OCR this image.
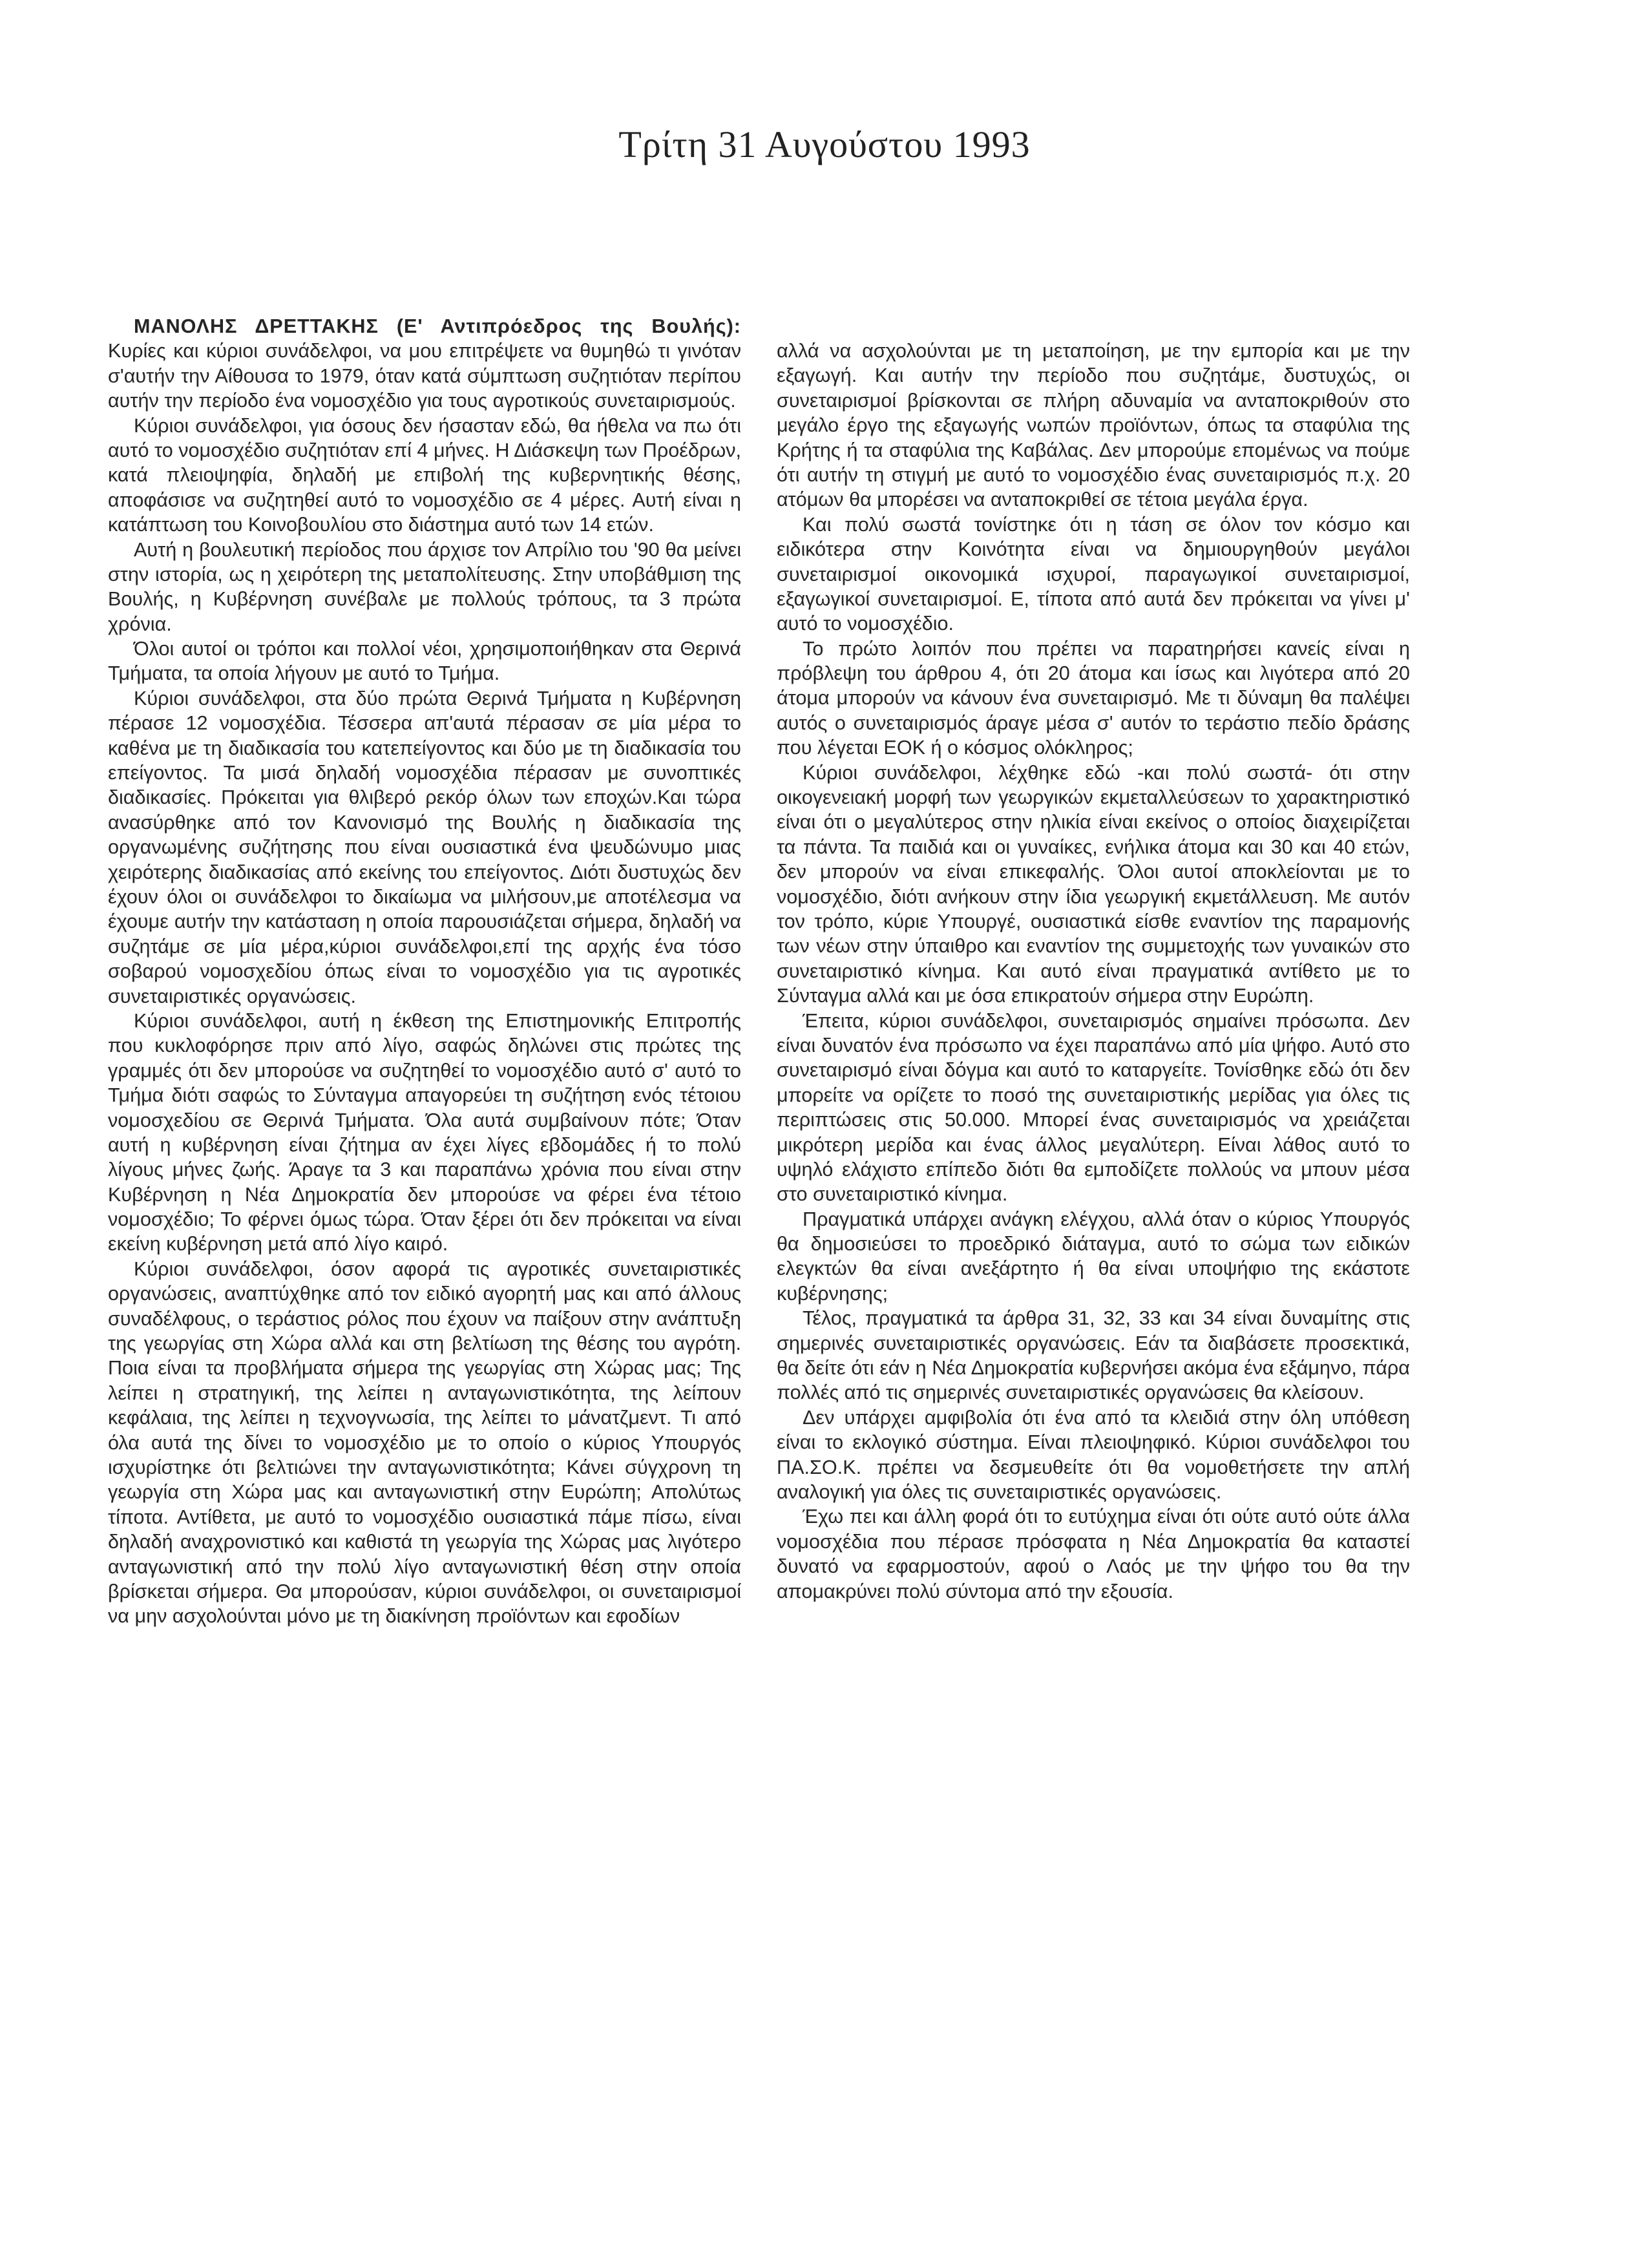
Τρίτη 31 Αυγούστου 1993

ΜΑΝΟΛΗΣ ΔΡΕΤΤΑΚΗΣ (Ε' Αντιπρόεδρος της Βουλής): Κυρίες και κύριοι συνάδελφοι, να μου επιτρέψετε να θυμηθώ τι γινόταν σ'αυτήν την Αίθουσα το 1979, όταν κατά σύμπτωση συζητιόταν περίπου αυτήν την περίοδο ένα νομοσχέδιο για τους αγροτικούς συνεταιρισμούς.

Κύριοι συνάδελφοι, για όσους δεν ήσασταν εδώ, θα ήθελα να πω ότι αυτό το νομοσχέδιο συζητιόταν επί 4 μήνες. Η Διάσκεψη των Προέδρων, κατά πλειοψηφία, δηλαδή με επιβολή της κυβερνητικής θέσης, αποφάσισε να συζητηθεί αυτό το νομοσχέδιο σε 4 μέρες. Αυτή είναι η κατάπτωση του Κοινοβουλίου στο διάστημα αυτό των 14 ετών.

Αυτή η βουλευτική περίοδος που άρχισε τον Απρίλιο του '90 θα μείνει στην ιστορία, ως η χειρότερη της μεταπολίτευσης. Στην υποβάθμιση της Βουλής, η Κυβέρνηση συνέβαλε με πολλούς τρόπους, τα 3 πρώτα χρόνια.

Όλοι αυτοί οι τρόποι και πολλοί νέοι, χρησιμοποιήθηκαν στα Θερινά Τμήματα, τα οποία λήγουν με αυτό το Τμήμα.

Κύριοι συνάδελφοι, στα δύο πρώτα Θερινά Τμήματα η Κυβέρνηση πέρασε 12 νομοσχέδια. Τέσσερα απ'αυτά πέρασαν σε μία μέρα το καθένα με τη διαδικασία του κατεπείγοντος και δύο με τη διαδικασία του επείγοντος. Τα μισά δηλαδή νομοσχέδια πέρασαν με συνοπτικές διαδικασίες. Πρόκειται για θλιβερό ρεκόρ όλων των εποχών.Και τώρα ανασύρθηκε από τον Κανονισμό της Βουλής η διαδικασία της οργανωμένης συζήτησης που είναι ουσιαστικά ένα ψευδώνυμο μιας χειρότερης διαδικασίας από εκείνης του επείγοντος. Διότι δυστυχώς δεν έχουν όλοι οι συνάδελφοι το δικαίωμα να μιλήσουν,με αποτέλεσμα να έχουμε αυτήν την κατάσταση η οποία παρουσιάζεται σήμερα, δηλαδή να συζητάμε σε μία μέρα,κύριοι συνάδελφοι,επί της αρχής ένα τόσο σοβαρού νομοσχεδίου όπως είναι το νομοσχέδιο για τις αγροτικές συνεταιριστικές οργανώσεις.

Κύριοι συνάδελφοι, αυτή η έκθεση της Επιστημονικής Επιτροπής που κυκλοφόρησε πριν από λίγο, σαφώς δηλώνει στις πρώτες της γραμμές ότι δεν μπορούσε να συζητηθεί το νομοσχέδιο αυτό σ' αυτό το Τμήμα διότι σαφώς το Σύνταγμα απαγορεύει τη συζήτηση ενός τέτοιου νομοσχεδίου σε Θερινά Τμήματα. Όλα αυτά συμβαίνουν πότε; Όταν αυτή η κυβέρνηση είναι ζήτημα αν έχει λίγες εβδομάδες ή το πολύ λίγους μήνες ζωής. Άραγε τα 3 και παραπάνω χρόνια που είναι στην Κυβέρνηση η Νέα Δημοκρατία δεν μπορούσε να φέρει ένα τέτοιο νομοσχέδιο; Το φέρνει όμως τώρα. Όταν ξέρει ότι δεν πρόκειται να είναι εκείνη κυβέρνηση μετά από λίγο καιρό.

Κύριοι συνάδελφοι, όσον αφορά τις αγροτικές συνεταιριστικές οργανώσεις, αναπτύχθηκε από τον ειδικό αγορητή μας και από άλλους συναδέλφους, ο τεράστιος ρόλος που έχουν να παίξουν στην ανάπτυξη της γεωργίας στη Χώρα αλλά και στη βελτίωση της θέσης του αγρότη. Ποια είναι τα προβλήματα σήμερα της γεωργίας στη Χώρας μας; Της λείπει η στρατηγική, της λείπει η ανταγωνιστικότητα, της λείπουν κεφάλαια, της λείπει η τεχνογνωσία, της λείπει το μάνατζμεντ. Τι από όλα αυτά της δίνει το νομοσχέδιο με το οποίο ο κύριος Υπουργός ισχυρίστηκε ότι βελτιώνει την ανταγωνιστικότητα; Κάνει σύγχρονη τη γεωργία στη Χώρα μας και ανταγωνιστική στην Ευρώπη; Απολύτως τίποτα. Αντίθετα, με αυτό το νομοσχέδιο ουσιαστικά πάμε πίσω, είναι δηλαδή αναχρονιστικό και καθιστά τη γεωργία της Χώρας μας λιγότερο ανταγωνιστική από την πολύ λίγο ανταγωνιστική θέση στην οποία βρίσκεται σήμερα. Θα μπορούσαν, κύριοι συνάδελφοι, οι συνεταιρισμοί να μην ασχολούνται μόνο με τη διακίνηση προϊόντων και εφοδίων

αλλά να ασχολούνται με τη μεταποίηση, με την εμπορία και με την εξαγωγή. Και αυτήν την περίοδο που συζητάμε, δυστυχώς, οι συνεταιρισμοί βρίσκονται σε πλήρη αδυναμία να ανταποκριθούν στο μεγάλο έργο της εξαγωγής νωπών προϊόντων, όπως τα σταφύλια της Κρήτης ή τα σταφύλια της Καβάλας. Δεν μπορούμε επομένως να πούμε ότι αυτήν τη στιγμή με αυτό το νομοσχέδιο ένας συνεταιρισμός π.χ. 20 ατόμων θα μπορέσει να ανταποκριθεί σε τέτοια μεγάλα έργα.

Και πολύ σωστά τονίστηκε ότι η τάση σε όλον τον κόσμο και ειδικότερα στην Κοινότητα είναι να δημιουργηθούν μεγάλοι συνεταιρισμοί οικονομικά ισχυροί, παραγωγικοί συνεταιρισμοί, εξαγωγικοί συνεταιρισμοί. Ε, τίποτα από αυτά δεν πρόκειται να γίνει μ' αυτό το νομοσχέδιο.

Το πρώτο λοιπόν που πρέπει να παρατηρήσει κανείς είναι η πρόβλεψη του άρθρου 4, ότι 20 άτομα και ίσως και λιγότερα από 20 άτομα μπορούν να κάνουν ένα συνεταιρισμό. Με τι δύναμη θα παλέψει αυτός ο συνεταιρισμός άραγε μέσα σ' αυτόν το τεράστιο πεδίο δράσης που λέγεται ΕΟΚ ή ο κόσμος ολόκληρος;

Κύριοι συνάδελφοι, λέχθηκε εδώ -και πολύ σωστά- ότι στην οικογενειακή μορφή των γεωργικών εκμεταλλεύσεων το χαρακτηριστικό είναι ότι ο μεγαλύτερος στην ηλικία είναι εκείνος ο οποίος διαχειρίζεται τα πάντα. Τα παιδιά και οι γυναίκες, ενήλικα άτομα και 30 και 40 ετών, δεν μπορούν να είναι επικεφαλής. Όλοι αυτοί αποκλείονται με το νομοσχέδιο, διότι ανήκουν στην ίδια γεωργική εκμετάλλευση. Με αυτόν τον τρόπο, κύριε Υπουργέ, ουσιαστικά είσθε εναντίον της παραμονής των νέων στην ύπαιθρο και εναντίον της συμμετοχής των γυναικών στο συνεταιριστικό κίνημα. Και αυτό είναι πραγματικά αντίθετο με το Σύνταγμα αλλά και με όσα επικρατούν σήμερα στην Ευρώπη.

Έπειτα, κύριοι συνάδελφοι, συνεταιρισμός σημαίνει πρόσωπα. Δεν είναι δυνατόν ένα πρόσωπο να έχει παραπάνω από μία ψήφο. Αυτό στο συνεταιρισμό είναι δόγμα και αυτό το καταργείτε. Τονίσθηκε εδώ ότι δεν μπορείτε να ορίζετε το ποσό της συνεταιριστικής μερίδας για όλες τις περιπτώσεις στις 50.000. Μπορεί ένας συνεταιρισμός να χρειάζεται μικρότερη μερίδα και ένας άλλος μεγαλύτερη. Είναι λάθος αυτό το υψηλό ελάχιστο επίπεδο διότι θα εμποδίζετε πολλούς να μπουν μέσα στο συνεταιριστικό κίνημα.

Πραγματικά υπάρχει ανάγκη ελέγχου, αλλά όταν ο κύριος Υπουργός θα δημοσιεύσει το προεδρικό διάταγμα, αυτό το σώμα των ειδικών ελεγκτών θα είναι ανεξάρτητο ή θα είναι υποψήφιο της εκάστοτε κυβέρνησης;

Τέλος, πραγματικά τα άρθρα 31, 32, 33 και 34 είναι δυναμίτης στις σημερινές συνεταιριστικές οργανώσεις. Εάν τα διαβάσετε προσεκτικά, θα δείτε ότι εάν η Νέα Δημοκρατία κυβερνήσει ακόμα ένα εξάμηνο, πάρα πολλές από τις σημερινές συνεταιριστικές οργανώσεις θα κλείσουν.

Δεν υπάρχει αμφιβολία ότι ένα από τα κλειδιά στην όλη υπόθεση είναι το εκλογικό σύστημα. Είναι πλειοψηφικό. Κύριοι συνάδελφοι του ΠΑ.ΣΟ.Κ. πρέπει να δεσμευθείτε ότι θα νομοθετήσετε την απλή αναλογική για όλες τις συνεταιριστικές οργανώσεις.

Έχω πει και άλλη φορά ότι το ευτύχημα είναι ότι ούτε αυτό ούτε άλλα νομοσχέδια που πέρασε πρόσφατα η Νέα Δημοκρατία θα καταστεί δυνατό να εφαρμοστούν, αφού ο Λαός με την ψήφο του θα την απομακρύνει πολύ σύντομα από την εξουσία.
